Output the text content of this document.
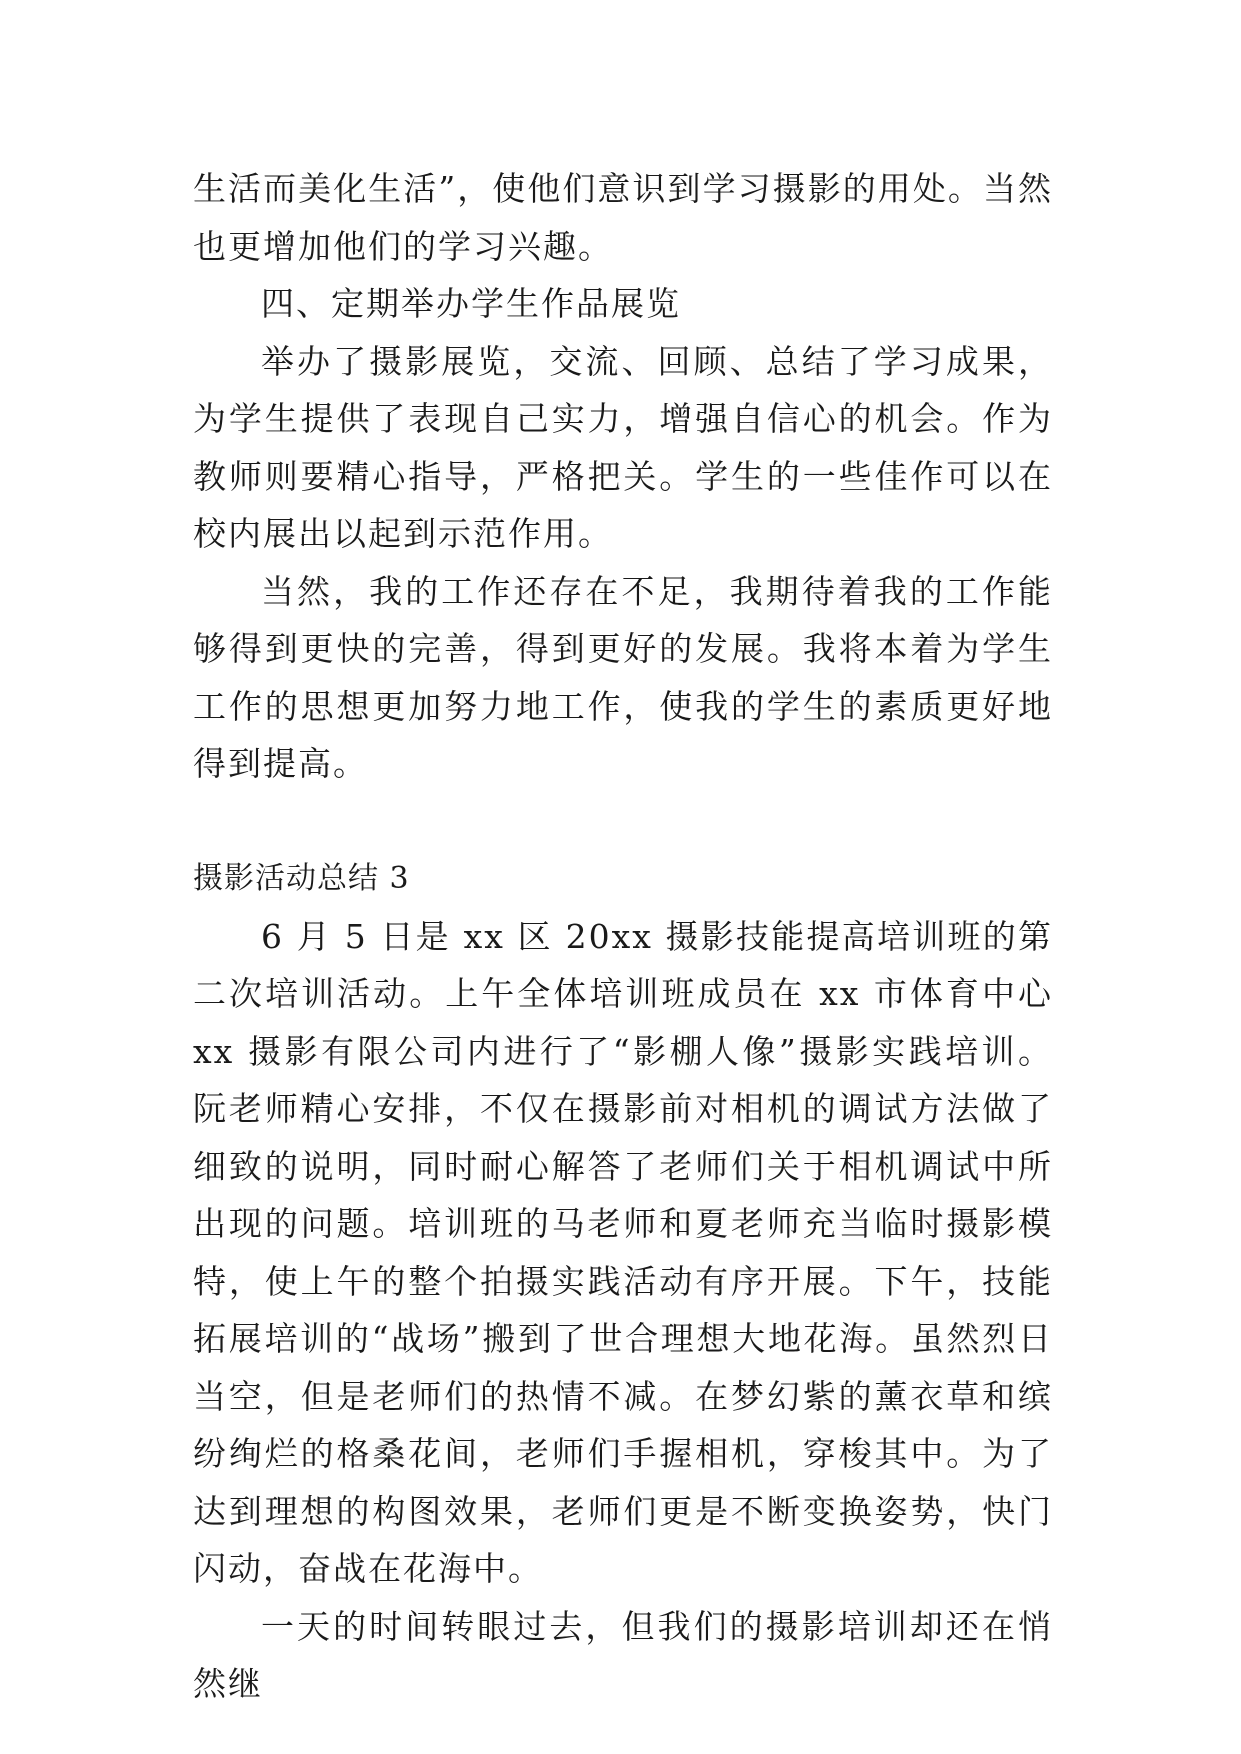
生活而美化生活”，使他们意识到学习摄影的用处。当然也更增加他们的学习兴趣。

四、定期举办学生作品展览

举办了摄影展览，交流、回顾、总结了学习成果，为学生提供了表现自己实力，增强自信心的机会。作为教师则要精心指导，严格把关。学生的一些佳作可以在校内展出以起到示范作用。

当然，我的工作还存在不足，我期待着我的工作能够得到更快的完善，得到更好的发展。我将本着为学生工作的思想更加努力地工作，使我的学生的素质更好地得到提高。

摄影活动总结 3

6 月 5 日是 xx 区 20xx 摄影技能提高培训班的第二次培训活动。上午全体培训班成员在 xx 市体育中心 xx 摄影有限公司内进行了“影棚人像”摄影实践培训。阮老师精心安排，不仅在摄影前对相机的调试方法做了细致的说明，同时耐心解答了老师们关于相机调试中所出现的问题。培训班的马老师和夏老师充当临时摄影模特，使上午的整个拍摄实践活动有序开展。下午，技能拓展培训的“战场”搬到了世合理想大地花海。虽然烈日当空，但是老师们的热情不减。在梦幻紫的薰衣草和缤纷绚烂的格桑花间，老师们手握相机，穿梭其中。为了达到理想的构图效果，老师们更是不断变换姿势，快门闪动，奋战在花海中。

一天的时间转眼过去，但我们的摄影培训却还在悄然继
